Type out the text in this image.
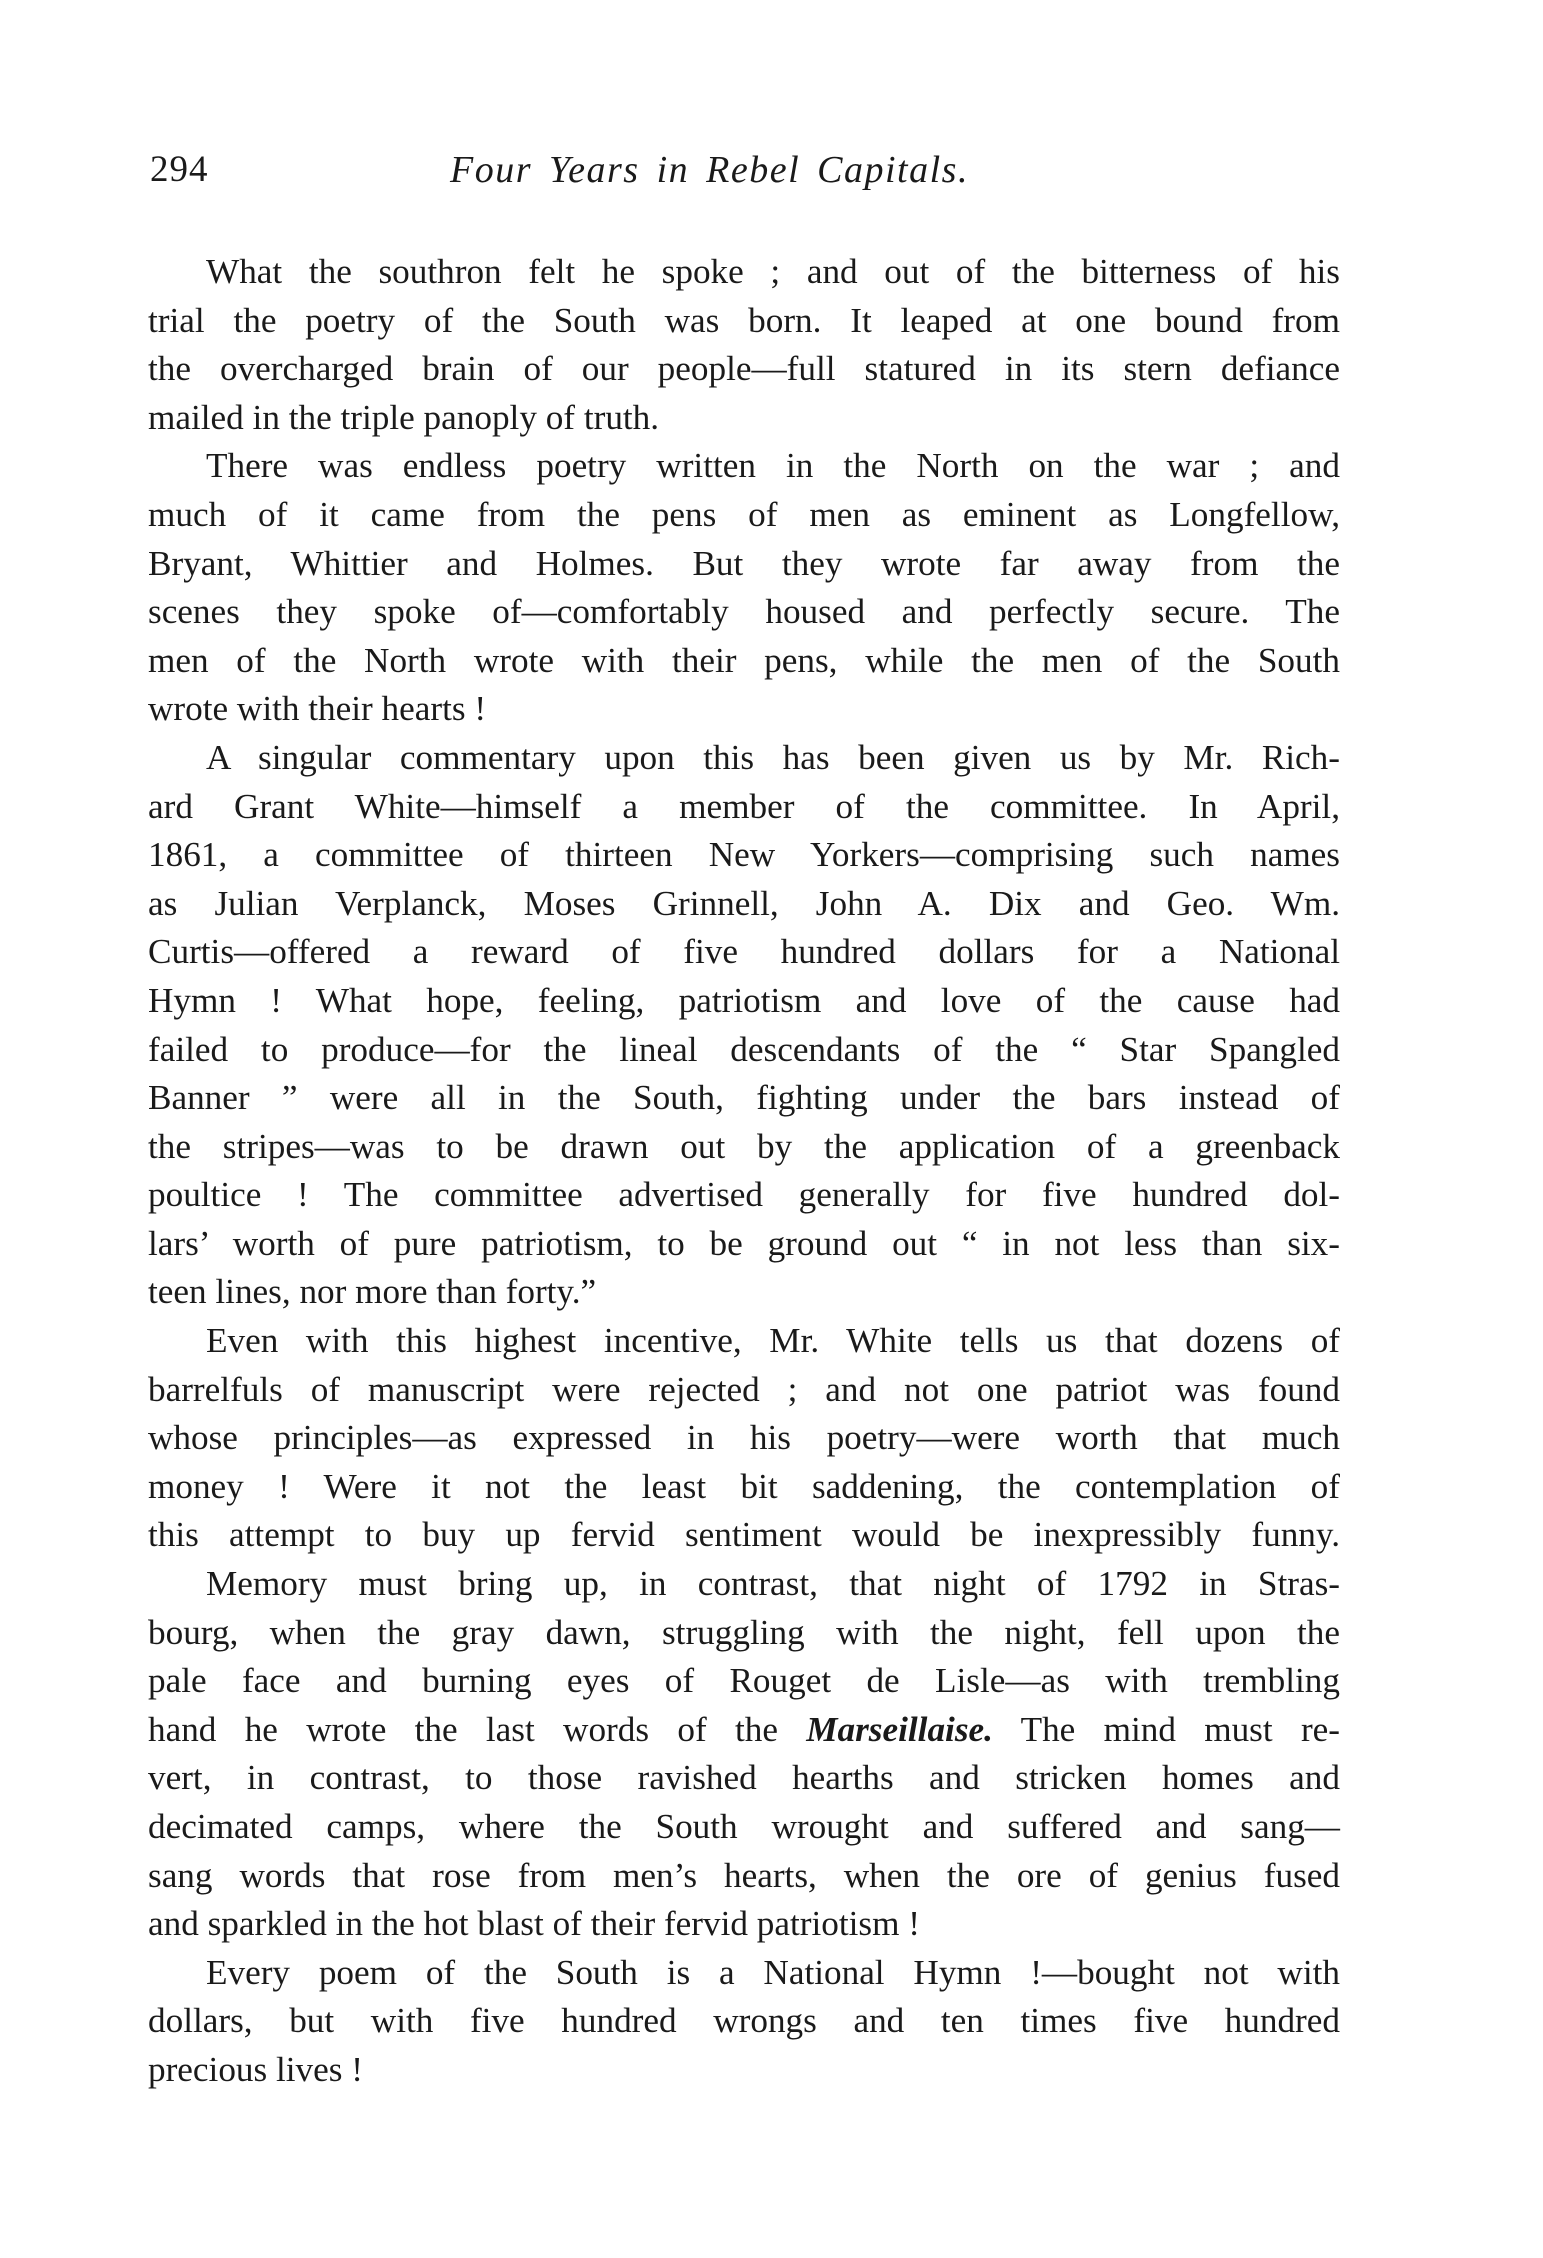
294	Four Years in Rebel Capitals.
What the southron felt he spoke ; and out of the bitterness of his
trial the poetry of the South was born. It leaped at one bound from
the overcharged brain of our people—full statured in its stern defiance
mailed in the triple panoply of truth.
There was endless poetry written in the North on the war ; and
much of it came from the pens of men as eminent as Longfellow,
Bryant, Whittier and Holmes. But they wrote far away from the
scenes they spoke of—comfortably housed and perfectly secure. The
men of the North wrote with their pens, while the men of the South
wrote with their hearts !
A singular commentary upon this has been given us by Mr. Rich-
ard Grant White—himself a member of the committee. In April,
1861, a committee of thirteen New Yorkers—comprising such names
as Julian Verplanck, Moses Grinnell, John A. Dix and Geo. Wm.
Curtis—offered a reward of five hundred dollars for a National
Hymn ! What hope, feeling, patriotism and love of the cause had
failed to produce—for the lineal descendants of the “ Star Spangled
Banner ” were all in the South, fighting under the bars instead of
the stripes—was to be drawn out by the application of a greenback
poultice ! The committee advertised generally for five hundred dol-
lars’ worth of pure patriotism, to be ground out “ in not less than six-
teen lines, nor more than forty.”
Even with this highest incentive, Mr. White tells us that dozens of
barrelfuls of manuscript were rejected ; and not one patriot was found
whose principles—as expressed in his poetry—were worth that much
money ! Were it not the least bit saddening, the contemplation of
this attempt to buy up fervid sentiment would be inexpressibly funny.
Memory must bring up, in contrast, that night of 1792 in Stras-
bourg, when the gray dawn, struggling with the night, fell upon the
pale face and burning eyes of Rouget de Lisle—as with trembling
hand he wrote the last words of the Marseillaise. The mind must re-
vert, in contrast, to those ravished hearths and stricken homes and
decimated camps, where the South wrought and suffered and sang—
sang words that rose from men’s hearts, when the ore of genius fused
and sparkled in the hot blast of their fervid patriotism !
Every poem of the South is a National Hymn !—bought not with
dollars, but with five hundred wrongs and ten times five hundred
precious lives !
